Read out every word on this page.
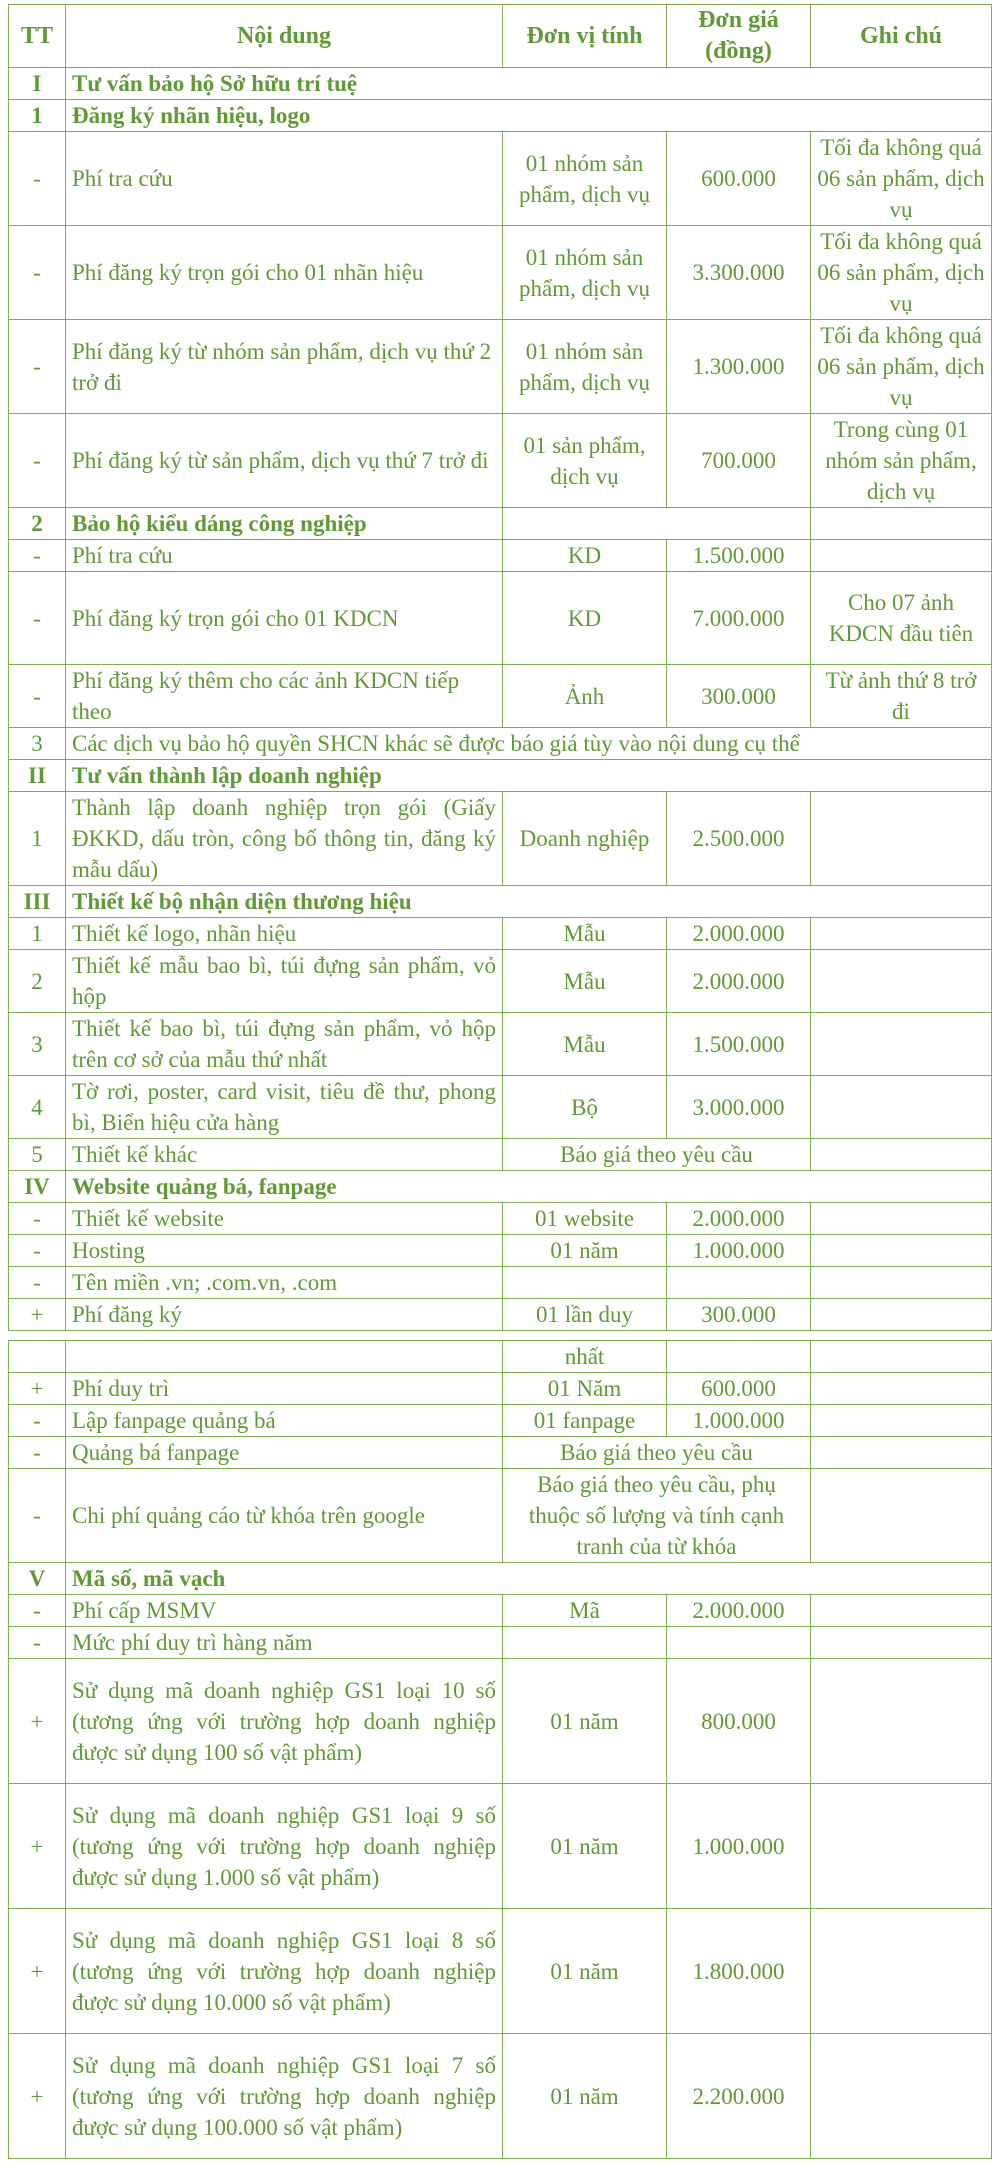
TT	Nội dung	Đơn vị tính	Đơn giá (đồng)	Ghi chú
I	Tư vấn bảo hộ Sở hữu trí tuệ			
1	Đăng ký nhãn hiệu, logo			
-	Phí tra cứu	01 nhóm sản phẩm, dịch vụ	600.000	Tối đa không quá 06 sản phẩm, dịch vụ
-	Phí đăng ký trọn gói cho 01 nhãn hiệu	01 nhóm sản phẩm, dịch vụ	3.300.000	Tối đa không quá 06 sản phẩm, dịch vụ
-	Phí đăng ký từ nhóm sản phẩm, dịch vụ thứ 2 trở đi	01 nhóm sản phẩm, dịch vụ	1.300.000	Tối đa không quá 06 sản phẩm, dịch vụ
-	Phí đăng ký từ sản phẩm, dịch vụ thứ 7 trở đi	01 sản phẩm, dịch vụ	700.000	Trong cùng 01 nhóm sản phẩm, dịch vụ
2	Bảo hộ kiểu dáng công nghiệp			
-	Phí tra cứu	KD	1.500.000	
-	Phí đăng ký trọn gói cho 01 KDCN	KD	7.000.000	Cho 07 ảnh KDCN đầu tiên
-	Phí đăng ký thêm cho các ảnh KDCN tiếp theo	Ảnh	300.000	Từ ảnh thứ 8 trở đi
3	Các dịch vụ bảo hộ quyền SHCN khác sẽ được báo giá tùy vào nội dung cụ thể			
II	Tư vấn thành lập doanh nghiệp			
1	Thành lập doanh nghiệp trọn gói (Giấy ĐKKD, dấu tròn, công bố thông tin, đăng ký mẫu dấu)	Doanh nghiệp	2.500.000	
III	Thiết kế bộ nhận diện thương hiệu			
1	Thiết kế logo, nhãn hiệu	Mẫu	2.000.000	
2	Thiết kế mẫu bao bì, túi đựng sản phẩm, vỏ hộp	Mẫu	2.000.000	
3	Thiết kế bao bì, túi đựng sản phẩm, vỏ hộp trên cơ sở của mẫu thứ nhất	Mẫu	1.500.000	
4	Tờ rơi, poster, card visit, tiêu đề thư, phong bì, Biển hiệu cửa hàng	Bộ	3.000.000	
5	Thiết kế khác	Báo giá theo yêu cầu		
IV	Website quảng bá, fanpage			
-	Thiết kế website	01 website	2.000.000	
-	Hosting	01 năm	1.000.000	
-	Tên miền .vn; .com.vn, .com			
+	Phí đăng ký	01 lần duy	300.000	
		nhất		
+	Phí duy trì	01 Năm	600.000	
-	Lập fanpage quảng bá	01 fanpage	1.000.000	
-	Quảng bá fanpage	Báo giá theo yêu cầu		
-	Chi phí quảng cáo từ khóa trên google	Báo giá theo yêu cầu, phụ thuộc số lượng và tính cạnh tranh của từ khóa		
V	Mã số, mã vạch			
-	Phí cấp MSMV	Mã	2.000.000	
-	Mức phí duy trì hàng năm			
+	Sử dụng mã doanh nghiệp GS1 loại 10 số (tương ứng với trường hợp doanh nghiệp được sử dụng 100 số vật phẩm)	01 năm	800.000	
+	Sử dụng mã doanh nghiệp GS1 loại 9 số (tương ứng với trường hợp doanh nghiệp được sử dụng 1.000 số vật phẩm)	01 năm	1.000.000	
+	Sử dụng mã doanh nghiệp GS1 loại 8 số (tương ứng với trường hợp doanh nghiệp được sử dụng 10.000 số vật phẩm)	01 năm	1.800.000	
+	Sử dụng mã doanh nghiệp GS1 loại 7 số (tương ứng với trường hợp doanh nghiệp được sử dụng 100.000 số vật phẩm)	01 năm	2.200.000	
